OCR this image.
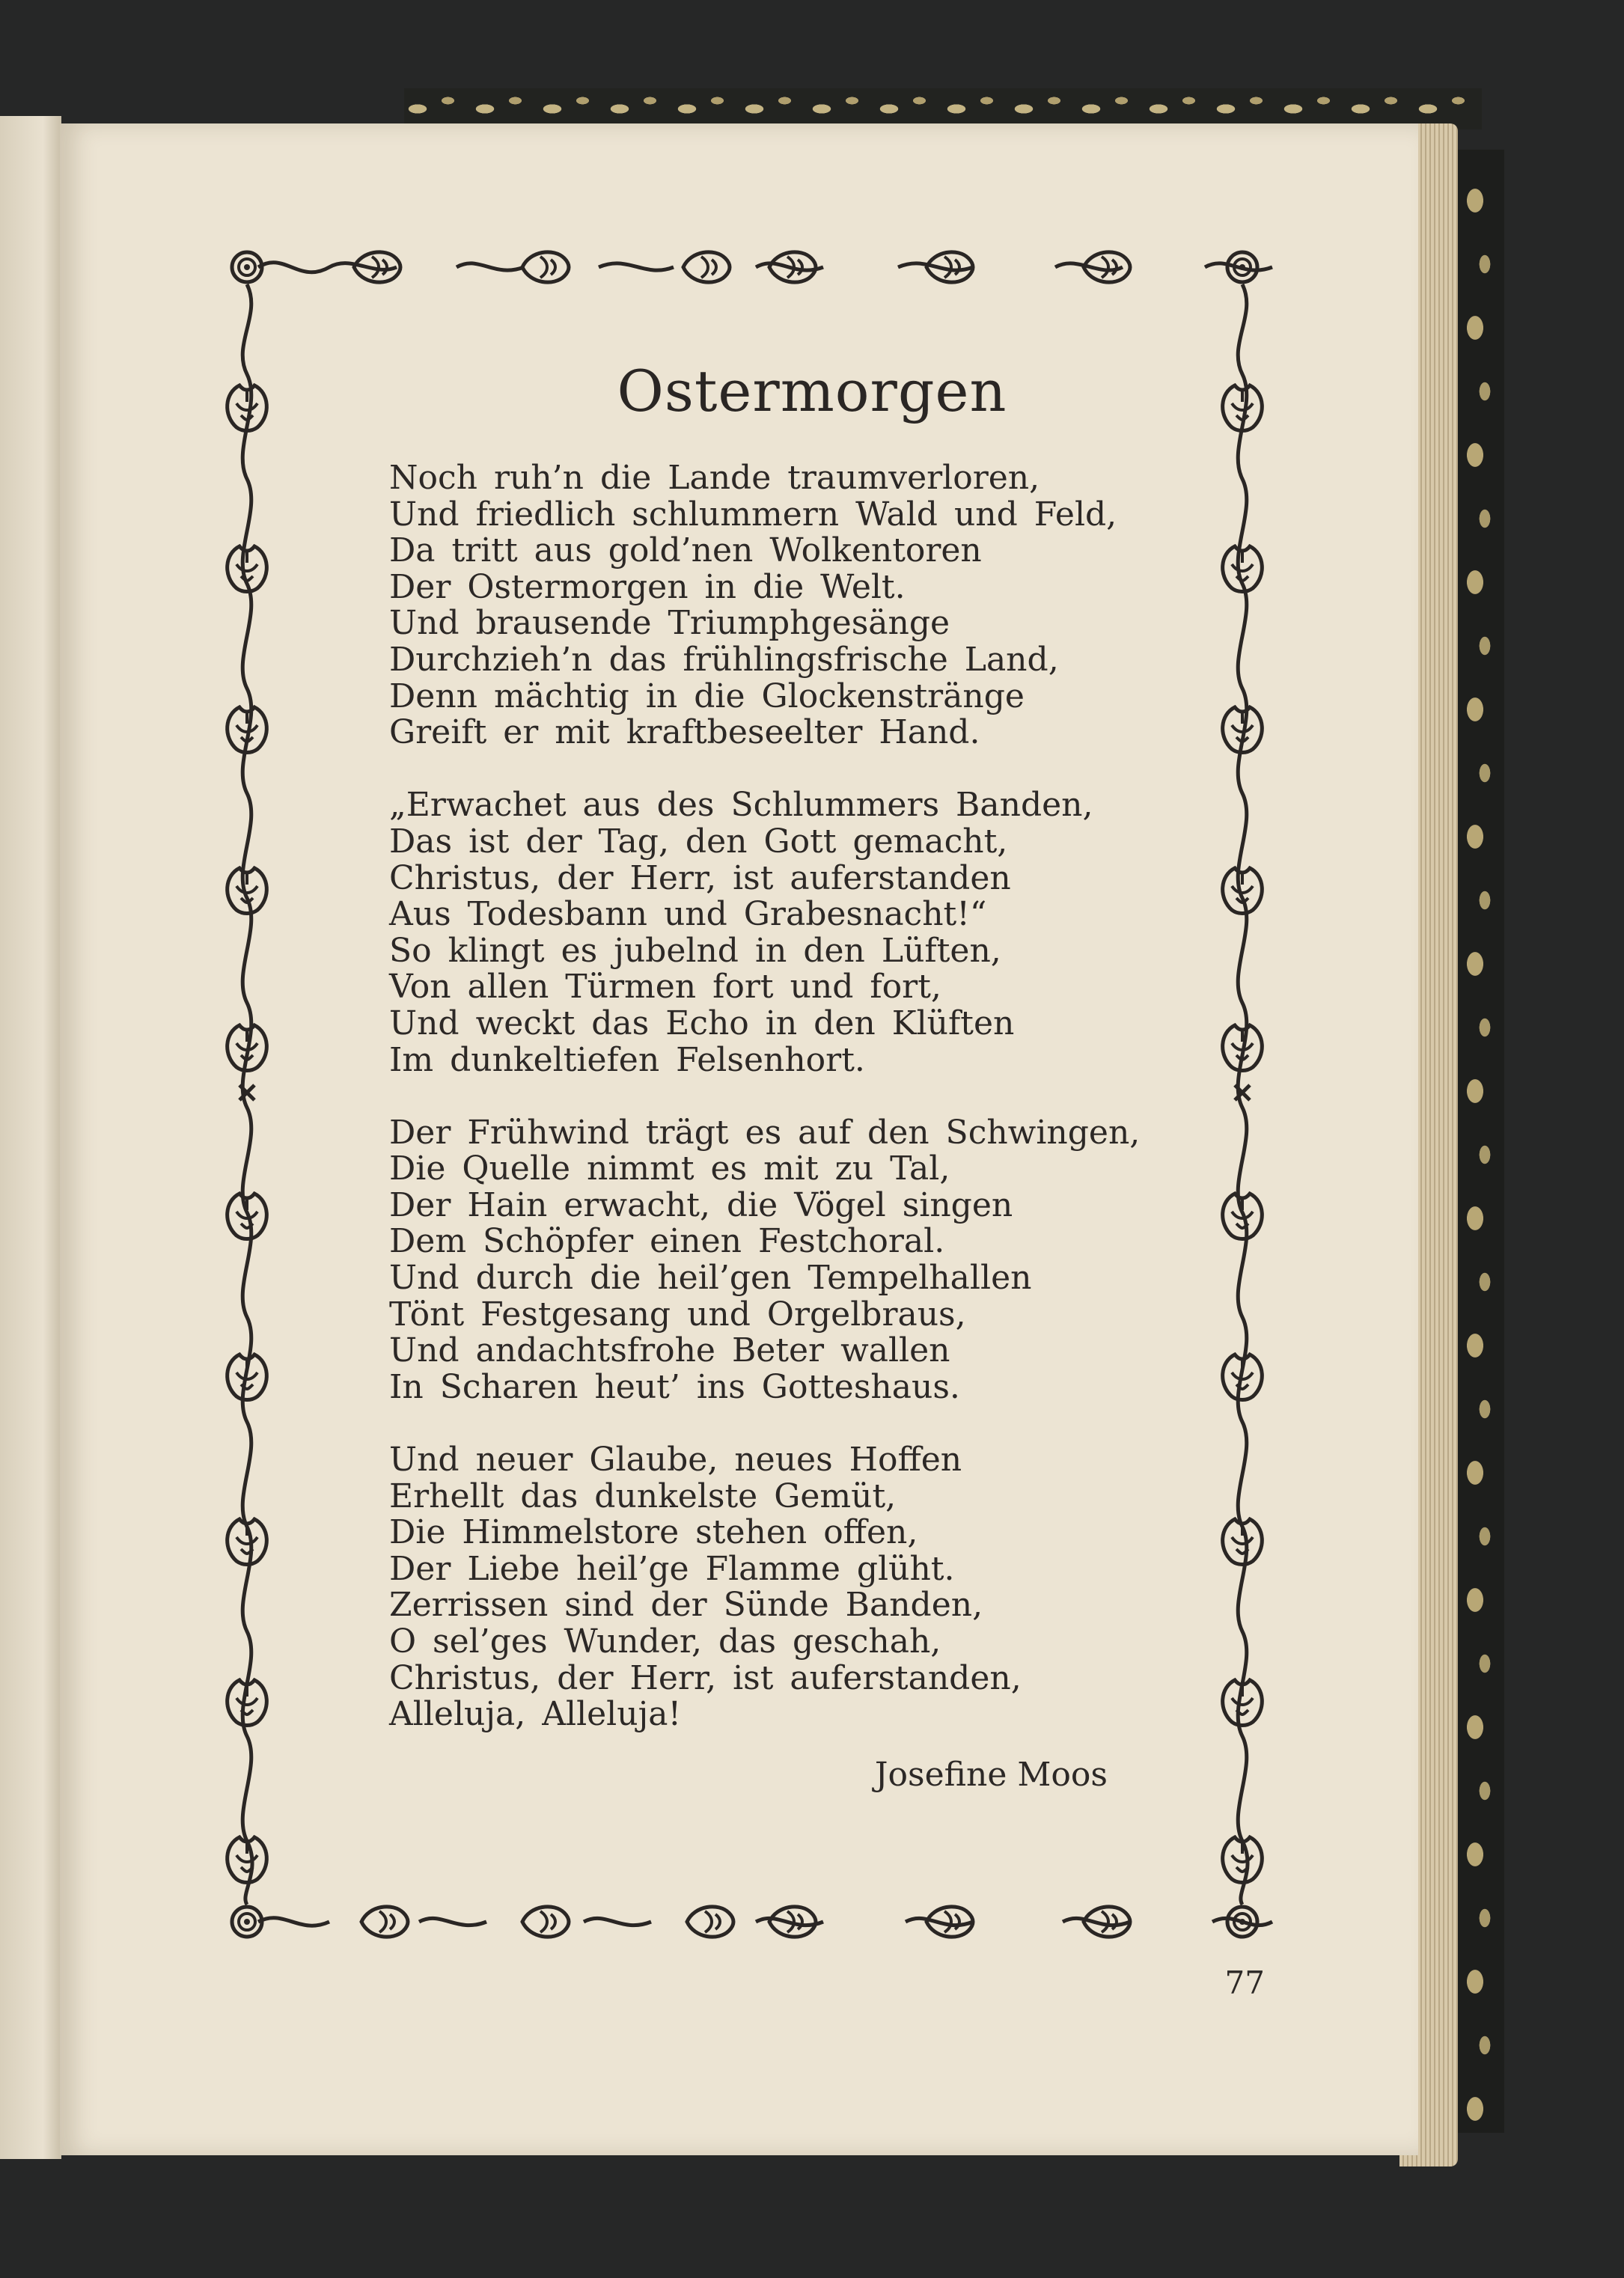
Ostermorgen
Noch ruh’n die Lande traumverloren,
Und friedlich schlummern Wald und Feld,
Da tritt aus gold’nen Wolkentoren
Der Ostermorgen in die Welt.
Und brausende Triumphgesänge
Durchzieh’n das frühlingsfrische Land,
Denn mächtig in die Glockenstränge
Greift er mit kraftbeseelter Hand.
„Erwachet aus des Schlummers Banden,
Das ist der Tag, den Gott gemacht,
Christus, der Herr, ist auferstanden
Aus Todesbann und Grabesnacht!“
So klingt es jubelnd in den Lüften,
Von allen Türmen fort und fort,
Und weckt das Echo in den Klüften
Im dunkeltiefen Felsenhort.
Der Frühwind trägt es auf den Schwingen,
Die Quelle nimmt es mit zu Tal,
Der Hain erwacht, die Vögel singen
Dem Schöpfer einen Festchoral.
Und durch die heil’gen Tempelhallen
Tönt Festgesang und Orgelbraus,
Und andachtsfrohe Beter wallen
In Scharen heut’ ins Gotteshaus.
Und neuer Glaube, neues Hoffen
Erhellt das dunkelste Gemüt,
Die Himmelstore stehen offen,
Der Liebe heil’ge Flamme glüht.
Zerrissen sind der Sünde Banden,
O sel’ges Wunder, das geschah,
Christus, der Herr, ist auferstanden,
Alleluja, Alleluja!
Josefine Moos
77
